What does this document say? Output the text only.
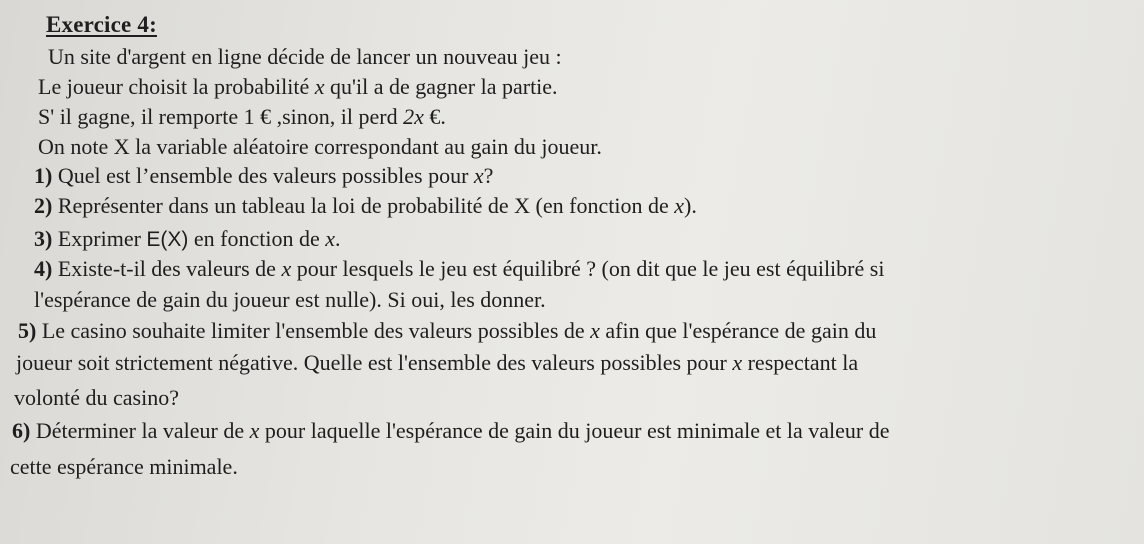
Exercice 4:
Un site d'argent en ligne décide de lancer un nouveau jeu :
Le joueur choisit la probabilité x qu'il a de gagner la partie.
S' il gagne, il remporte 1 € ,sinon, il perd 2x €.
On note X la variable aléatoire correspondant au gain du joueur.
1) Quel est l’ensemble des valeurs possibles pour x?
2) Représenter dans un tableau la loi de probabilité de X (en fonction de x).
3) Exprimer E(X) en fonction de x.
4) Existe-t-il des valeurs de x pour lesquels le jeu est équilibré ? (on dit que le jeu est équilibré si
l'espérance de gain du joueur est nulle). Si oui, les donner.
5) Le casino souhaite limiter l'ensemble des valeurs possibles de x afin que l'espérance de gain du
joueur soit strictement négative. Quelle est l'ensemble des valeurs possibles pour x respectant la
volonté du casino?
6) Déterminer la valeur de x pour laquelle l'espérance de gain du joueur est minimale et la valeur de
cette espérance minimale.
